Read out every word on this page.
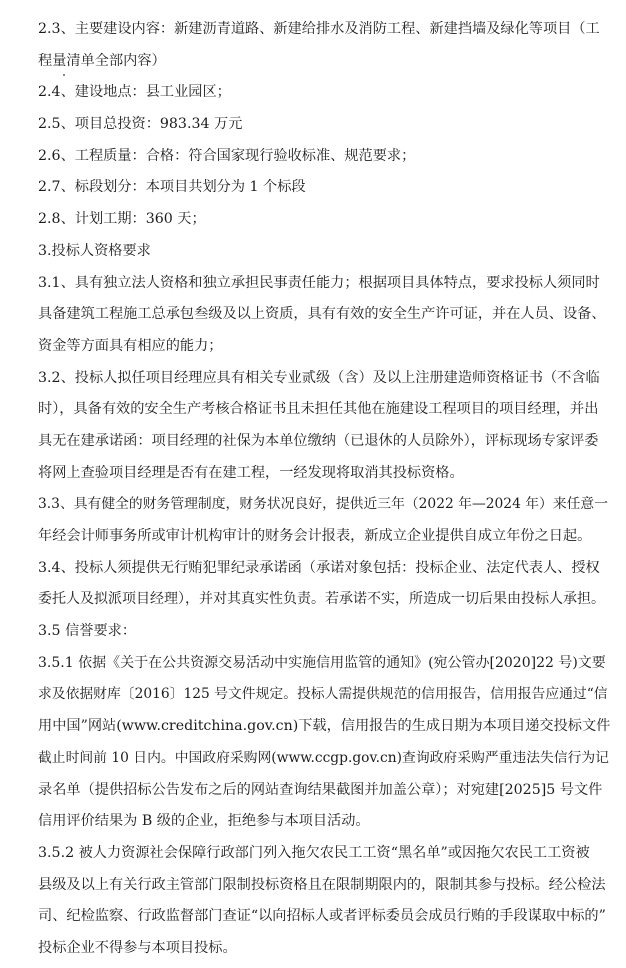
2.3、主要建设内容：新建沥青道路、新建给排水及消防工程、新建挡墙及绿化等项目（工
程量清单全部内容）
2.4、建设地点：县工业园区；
2.5、项目总投资：983.34 万元
2.6、工程质量：合格：符合国家现行验收标准、规范要求；
2.7、标段划分：本项目共划分为 1 个标段
2.8、计划工期：360 天；
3.投标人资格要求
3.1、具有独立法人资格和独立承担民事责任能力；根据项目具体特点，要求投标人须同时
具备建筑工程施工总承包叁级及以上资质，具有有效的安全生产许可证，并在人员、设备、
资金等方面具有相应的能力；
3.2、投标人拟任项目经理应具有相关专业贰级（含）及以上注册建造师资格证书（不含临
时），具备有效的安全生产考核合格证书且未担任其他在施建设工程项目的项目经理，并出
具无在建承诺函：项目经理的社保为本单位缴纳（已退休的人员除外），评标现场专家评委
将网上查验项目经理是否有在建工程，一经发现将取消其投标资格。
3.3、具有健全的财务管理制度，财务状况良好，提供近三年（2022 年—2024 年）来任意一
年经会计师事务所或审计机构审计的财务会计报表，新成立企业提供自成立年份之日起。
3.4、投标人须提供无行贿犯罪纪录承诺函（承诺对象包括：投标企业、法定代表人、授权
委托人及拟派项目经理），并对其真实性负责。若承诺不实，所造成一切后果由投标人承担。
3.5 信誉要求：
3.5.1 依据《关于在公共资源交易活动中实施信用监管的通知》(宛公管办[2020]22 号)文要
求及依据财库〔2016〕125 号文件规定。投标人需提供规范的信用报告，信用报告应通过“信
用中国”网站(www.creditchina.gov.cn)下载，信用报告的生成日期为本项目递交投标文件
截止时间前 10 日内。中国政府采购网(www.ccgp.gov.cn)查询政府采购严重违法失信行为记
录名单（提供招标公告发布之后的网站查询结果截图并加盖公章）；对宛建[2025]5 号文件
信用评价结果为 B 级的企业，拒绝参与本项目活动。
3.5.2 被人力资源社会保障行政部门列入拖欠农民工工资“黑名单”或因拖欠农民工工资被
县级及以上有关行政主管部门限制投标资格且在限制期限内的，限制其参与投标。经公检法
司、纪检监察、行政监督部门查证“以向招标人或者评标委员会成员行贿的手段谋取中标的”
投标企业不得参与本项目投标。
